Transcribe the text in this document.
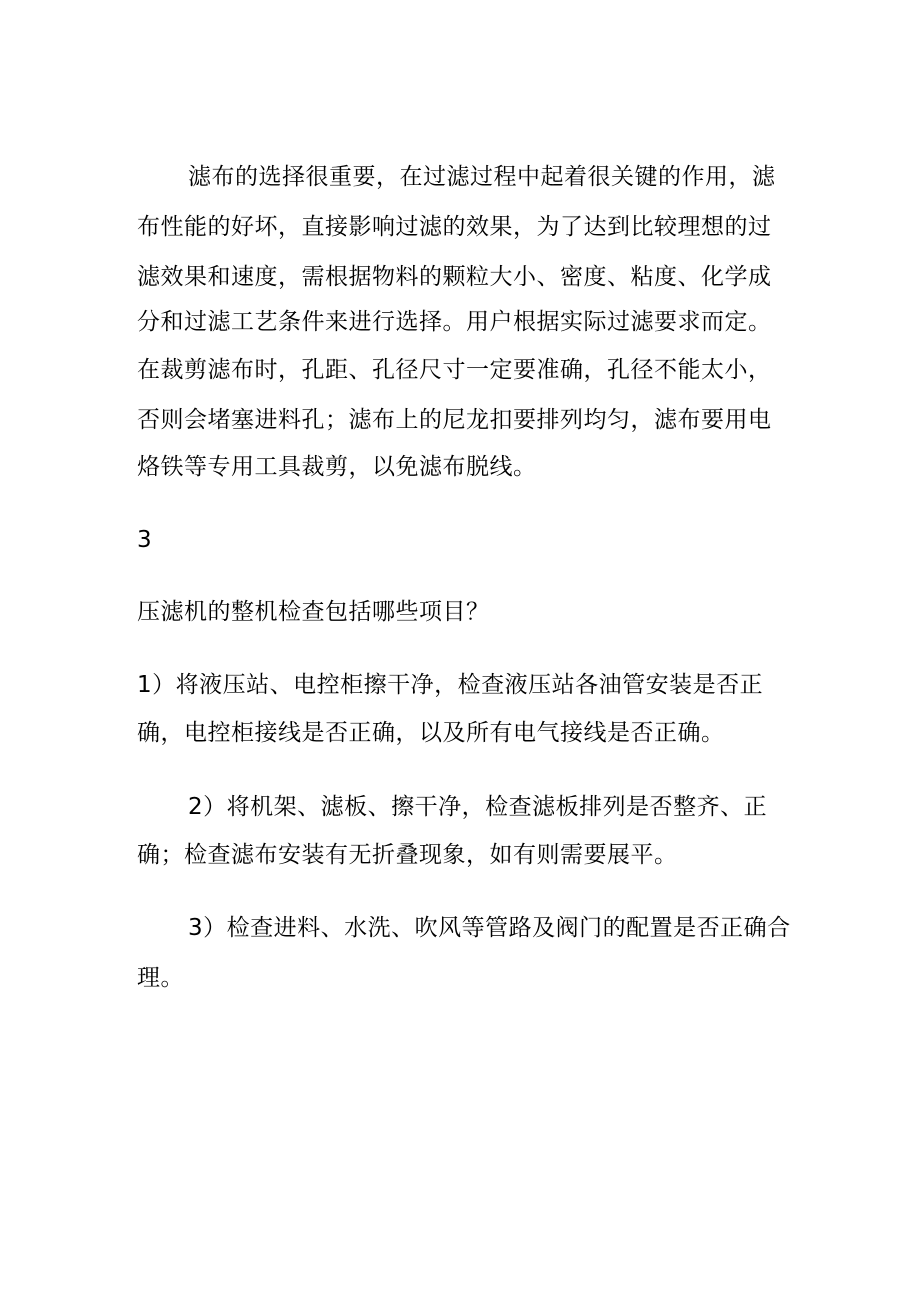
滤布的选择很重要，在过滤过程中起着很关键的作用，滤
布性能的好坏，直接影响过滤的效果，为了达到比较理想的过
滤效果和速度，需根据物料的颗粒大小、密度、粘度、化学成
分和过滤工艺条件来进行选择。用户根据实际过滤要求而定。
在裁剪滤布时，孔距、孔径尺寸一定要准确，孔径不能太小，
否则会堵塞进料孔；滤布上的尼龙扣要排列均匀，滤布要用电
烙铁等专用工具裁剪，以免滤布脱线。
3
压滤机的整机检查包括哪些项目？
1）将液压站、电控柜擦干净，检查液压站各油管安装是否正
确，电控柜接线是否正确，以及所有电气接线是否正确。
2）将机架、滤板、擦干净，检查滤板排列是否整齐、正
确；检查滤布安装有无折叠现象，如有则需要展平。
3）检查进料、水洗、吹风等管路及阀门的配置是否正确合
理。
